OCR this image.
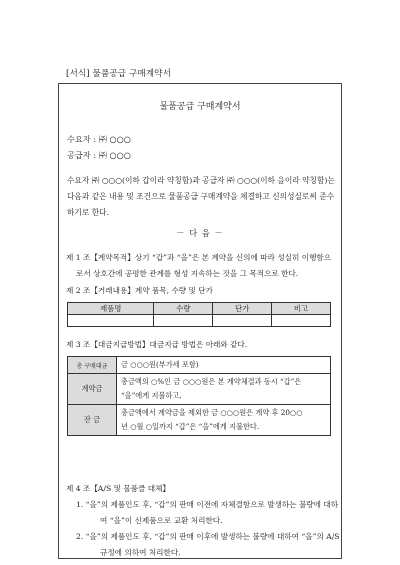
[서식] 물품공급 구매계약서
물품공급 구매계약서
수요자 : ㈜ ○○○
공급자 : ㈜ ○○○
수요자 ㈜ ○○○(이하 갑이라 약칭함)과 공급자 ㈜ ○○○(이하 을이라 약칭함)는
다음과 같은 내용 및 조건으로 물품공급 구매계약을 체결하고 신의성실로써 준수
하기로 한다.
－ 다 음 －
제 1 조【계약목적】상기 “갑”과 “을”은 본 계약을 신의에 따라 성실히 이행함으
로서 상호간에 공평한 관계를 형성 지속하는 것을 그 목적으로 한다.
제 2 조【거래내용】계약 품목, 수량 및 단가
제품명	수량	단가	비고

제 3 조【대금지급방법】대금지급 방법은 아래와 같다.
총 구매대금	금 ○○○원(부가세 포함)
계약금	총금액의 ○%인 금 ○○○원은 본 계약체결과 동시 “갑”은
“을”에게 지불하고,

잔 금	총금액에서 계약금을 제외한 금 ○○○원은 계약 후 20○○
년 ○월 ○일까지 “갑”은 “을”에게 지불한다.
제 4 조【A/S 및 물품클 대체】
1. “을”의 제품인도 후, “갑”의 판매 이전에 자체결함으로 발생하는 불량에 대하
여 “을”이 신제품으로 교환 처리한다.
2. “을”의 제품인도 후, “갑”의 판매 이후에 발생하는 불량에 대하여 “을”의 A/S
규정에 의하여 처리한다.
